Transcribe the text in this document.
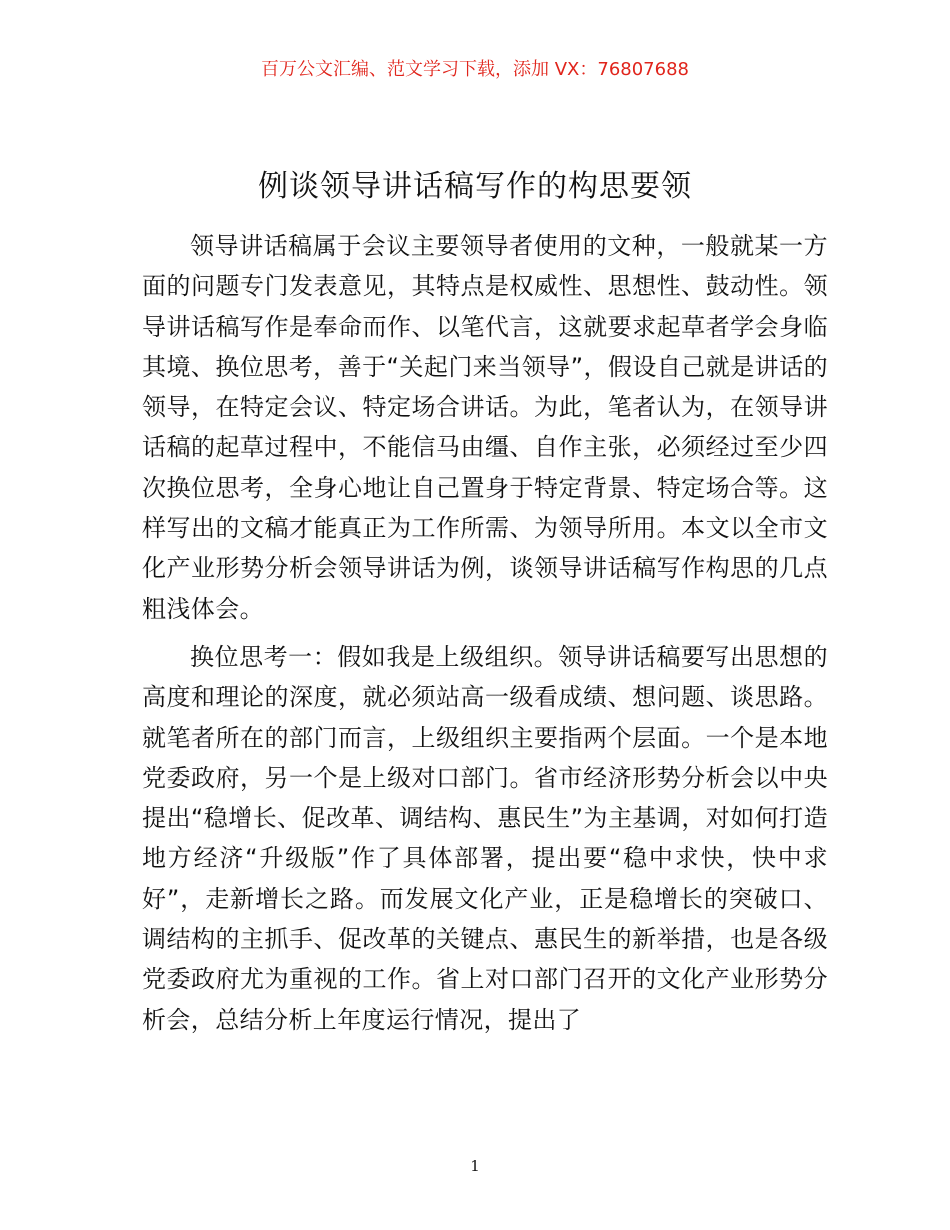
百万公文汇编、范文学习下载，添加 VX：76807688
例谈领导讲话稿写作的构思要领

领导讲话稿属于会议主要领导者使用的文种，一般就某一方面的问题专门发表意见，其特点是权威性、思想性、鼓动性。领导讲话稿写作是奉命而作、以笔代言，这就要求起草者学会身临其境、换位思考，善于“关起门来当领导”，假设自己就是讲话的领导，在特定会议、特定场合讲话。为此，笔者认为，在领导讲话稿的起草过程中，不能信马由缰、自作主张，必须经过至少四次换位思考，全身心地让自己置身于特定背景、特定场合等。这样写出的文稿才能真正为工作所需、为领导所用。本文以全市文化产业形势分析会领导讲话为例，谈领导讲话稿写作构思的几点粗浅体会。

换位思考一：假如我是上级组织。领导讲话稿要写出思想的高度和理论的深度，就必须站高一级看成绩、想问题、谈思路。就笔者所在的部门而言，上级组织主要指两个层面。一个是本地党委政府，另一个是上级对口部门。省市经济形势分析会以中央提出“稳增长、促改革、调结构、惠民生”为主基调，对如何打造地方经济“升级版”作了具体部署，提出要“稳中求快，快中求好”，走新增长之路。而发展文化产业，正是稳增长的突破口、调结构的主抓手、促改革的关键点、惠民生的新举措，也是各级党委政府尤为重视的工作。省上对口部门召开的文化产业形势分析会，总结分析上年度运行情况，提出了

1
